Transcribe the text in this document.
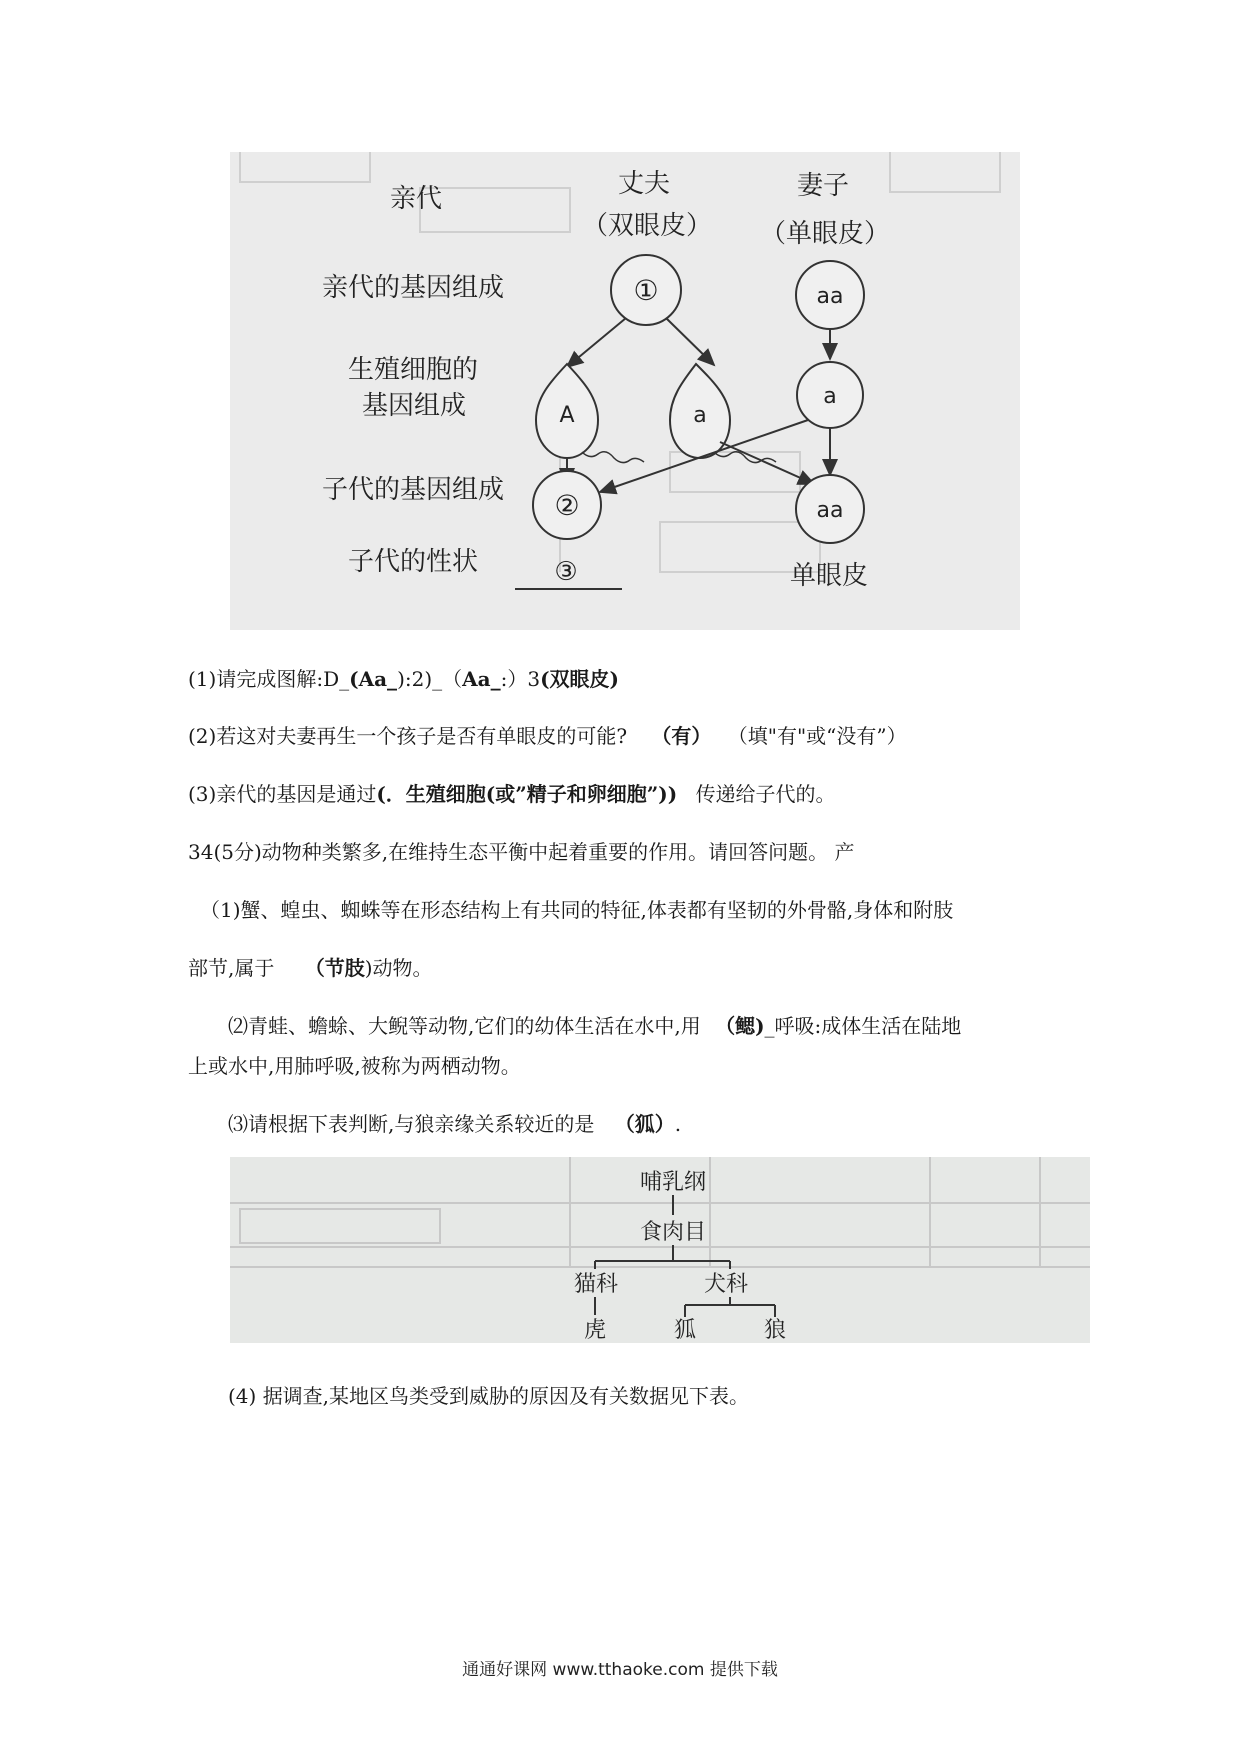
亲代
亲代的基因组成
生殖细胞的
基因组成
子代的基因组成
子代的性状
丈夫
（双眼皮）
妻子
（单眼皮）
①	aa
A	a
a
②	aa
③	单眼皮
(1)请完成图解:D_(Aa_):2)_（Aa_:）3(双眼皮)
(2)若这对夫妻再生一个孩子是否有单眼皮的可能? （有） （填"有"或“没有”）
(3)亲代的基因是通过(．生殖细胞(或”精子和卵细胞”)) 传递给子代的。
34(5分)动物种类繁多,在维持生态平衡中起着重要的作用。请回答问题。 产
（1)蟹、蝗虫、蜘蛛等在形态结构上有共同的特征,体表都有坚韧的外骨骼,身体和附肢
部节,属于 （节肢)动物。
⑵青蛙、蟾蜍、大鲵等动物,它们的幼体生活在水中,用 （鳃)_呼吸:成体生活在陆地
上或水中,用肺呼吸,被称为两栖动物。
⑶请根据下表判断,与狼亲缘关系较近的是 （狐）.
哺乳纲
食肉目
猫科	犬科
虎	狐	狼
(4) 据调查,某地区鸟类受到威胁的原因及有关数据见下表。
通通好课网 www.tthaoke.com 提供下载
